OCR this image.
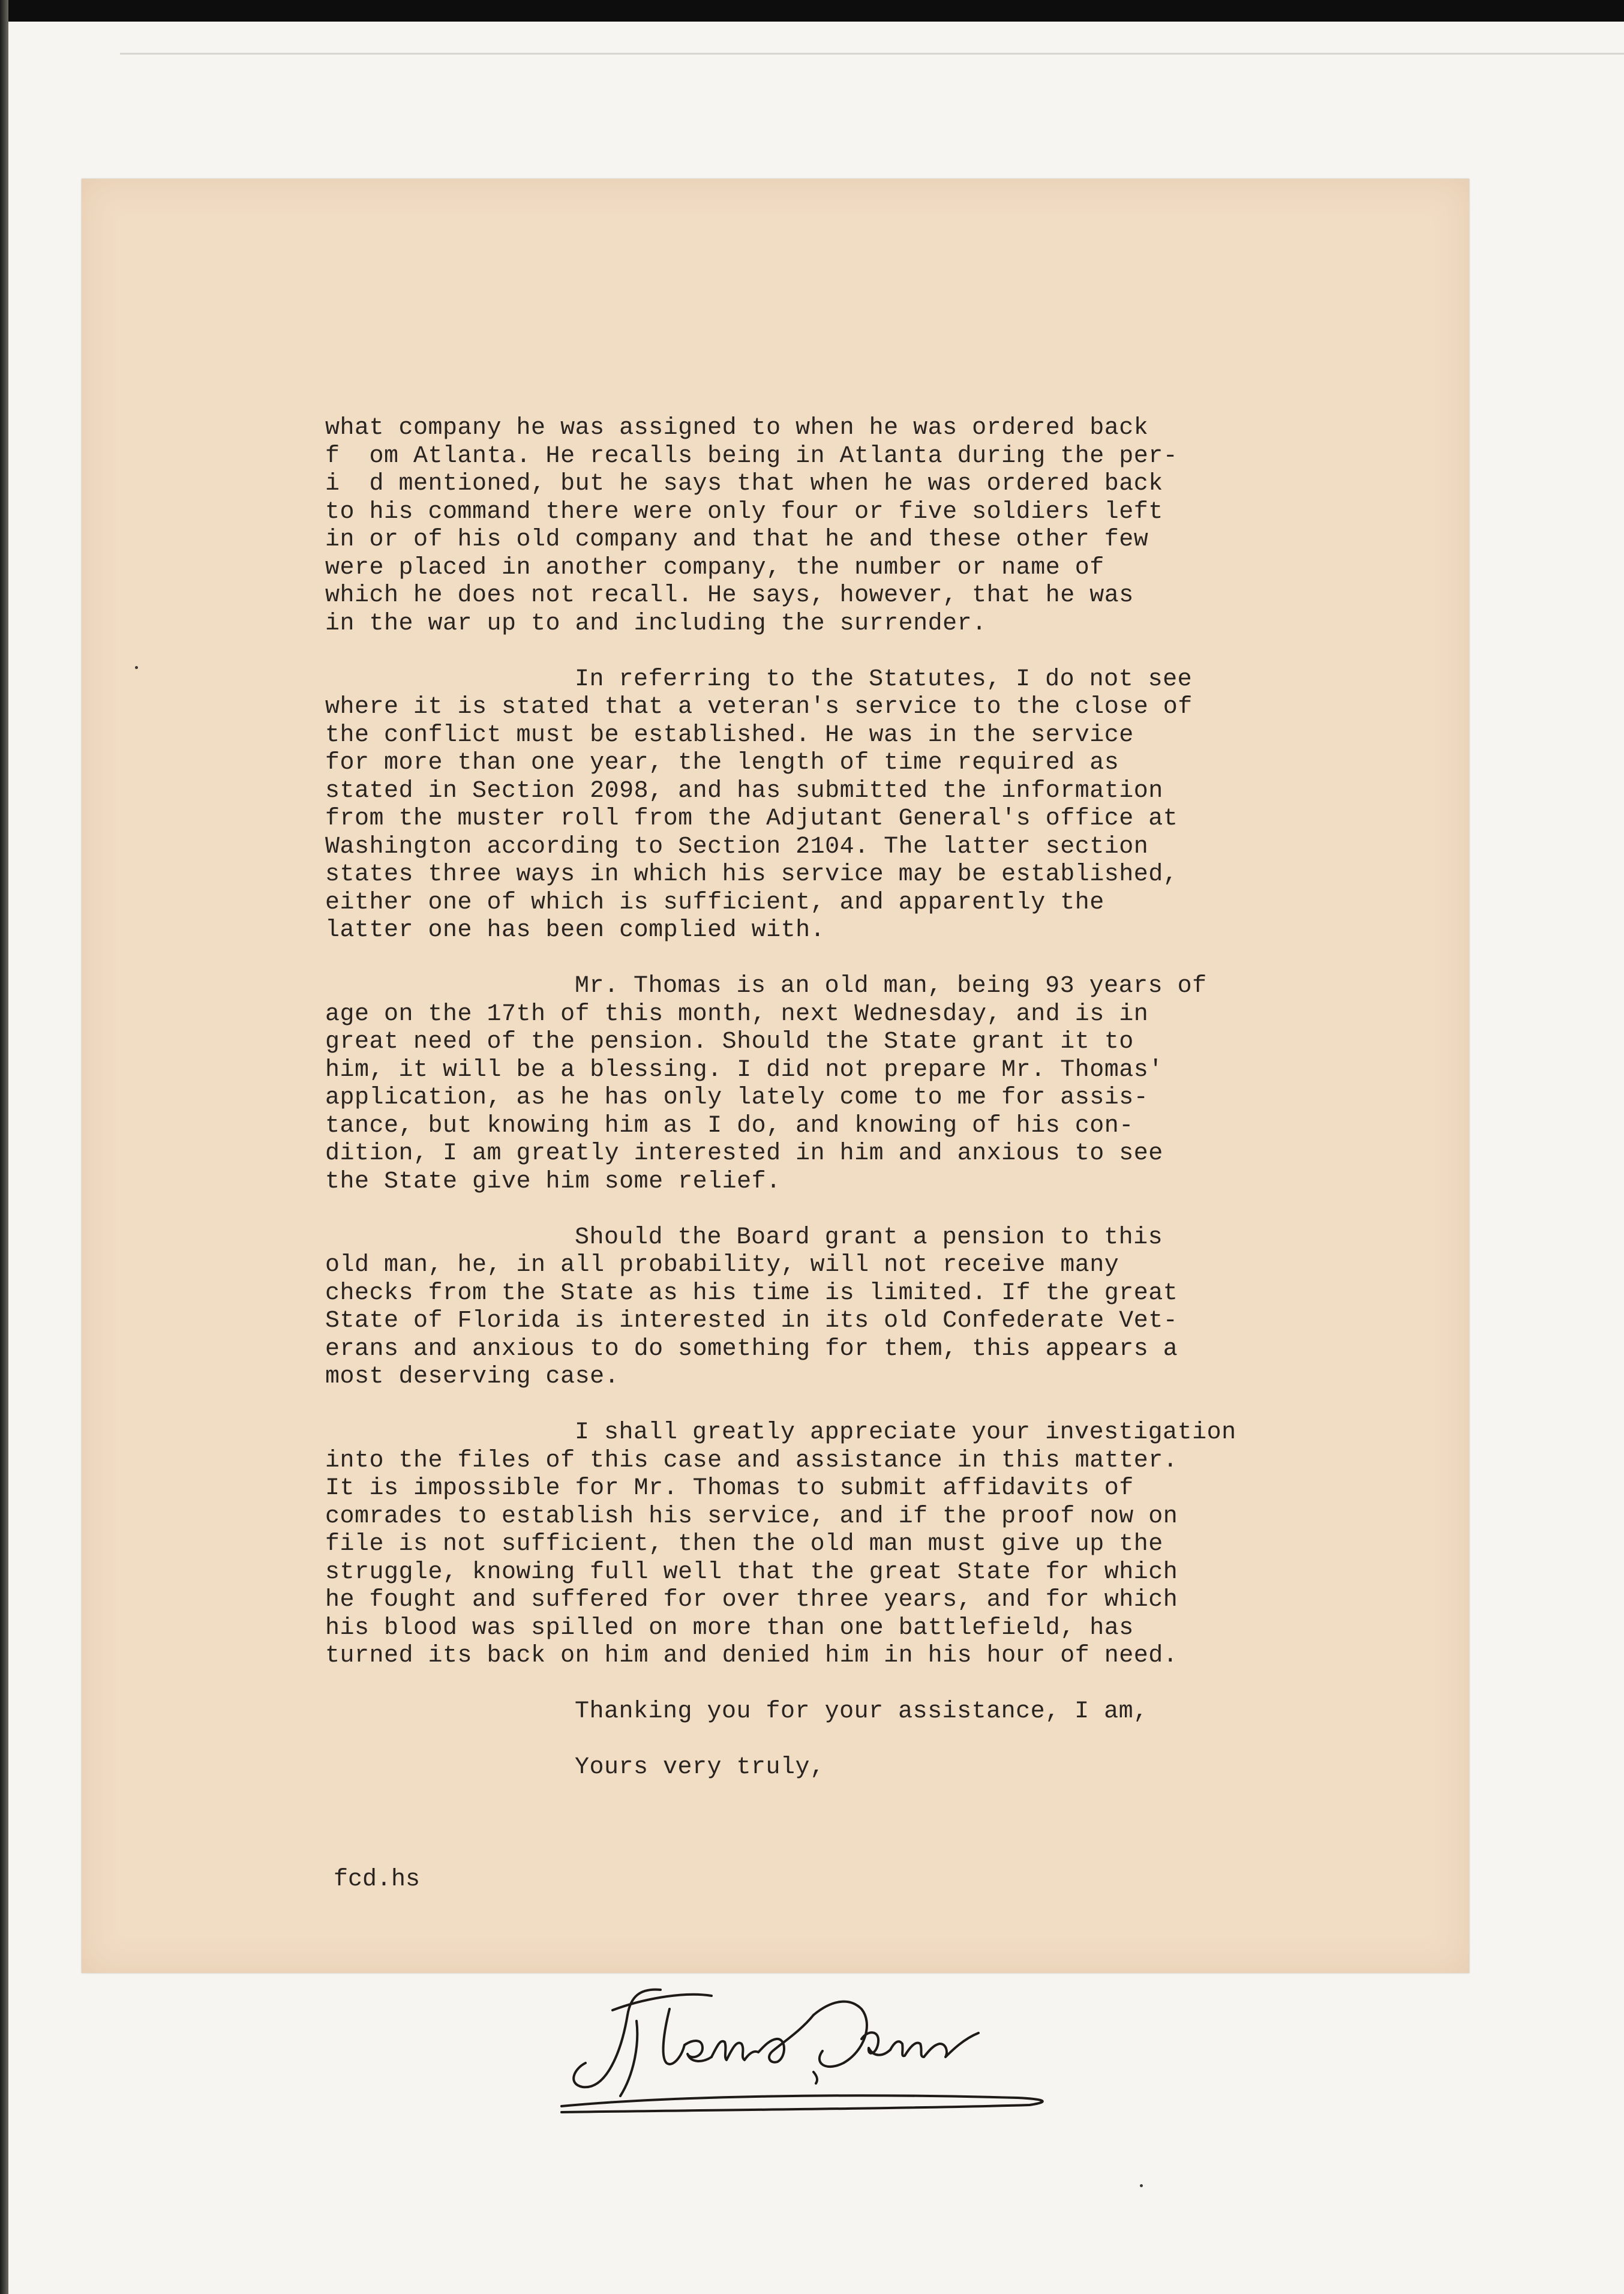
what company he was assigned to when he was ordered back
f  om Atlanta. He recalls being in Atlanta during the per-
i  d mentioned, but he says that when he was ordered back
to his command there were only four or five soldiers left
in or of his old company and that he and these other few
were placed in another company, the number or name of
which he does not recall. He says, however, that he was
in the war up to and including the surrender.
In referring to the Statutes, I do not see
where it is stated that a veteran's service to the close of
the conflict must be established. He was in the service
for more than one year, the length of time required as
stated in Section 2098, and has submitted the information
from the muster roll from the Adjutant General's office at
Washington according to Section 2104. The latter section
states three ways in which his service may be established,
either one of which is sufficient, and apparently the
latter one has been complied with.
Mr. Thomas is an old man, being 93 years of
age on the 17th of this month, next Wednesday, and is in
great need of the pension. Should the State grant it to
him, it will be a blessing. I did not prepare Mr. Thomas'
application, as he has only lately come to me for assis-
tance, but knowing him as I do, and knowing of his con-
dition, I am greatly interested in him and anxious to see
the State give him some relief.
Should the Board grant a pension to this
old man, he, in all probability, will not receive many
checks from the State as his time is limited. If the great
State of Florida is interested in its old Confederate Vet-
erans and anxious to do something for them, this appears a
most deserving case.
I shall greatly appreciate your investigation
into the files of this case and assistance in this matter.
It is impossible for Mr. Thomas to submit affidavits of
comrades to establish his service, and if the proof now on
file is not sufficient, then the old man must give up the
struggle, knowing full well that the great State for which
he fought and suffered for over three years, and for which
his blood was spilled on more than one battlefield, has
turned its back on him and denied him in his hour of need.
Thanking you for your assistance, I am,
Yours very truly,
fcd.hs
